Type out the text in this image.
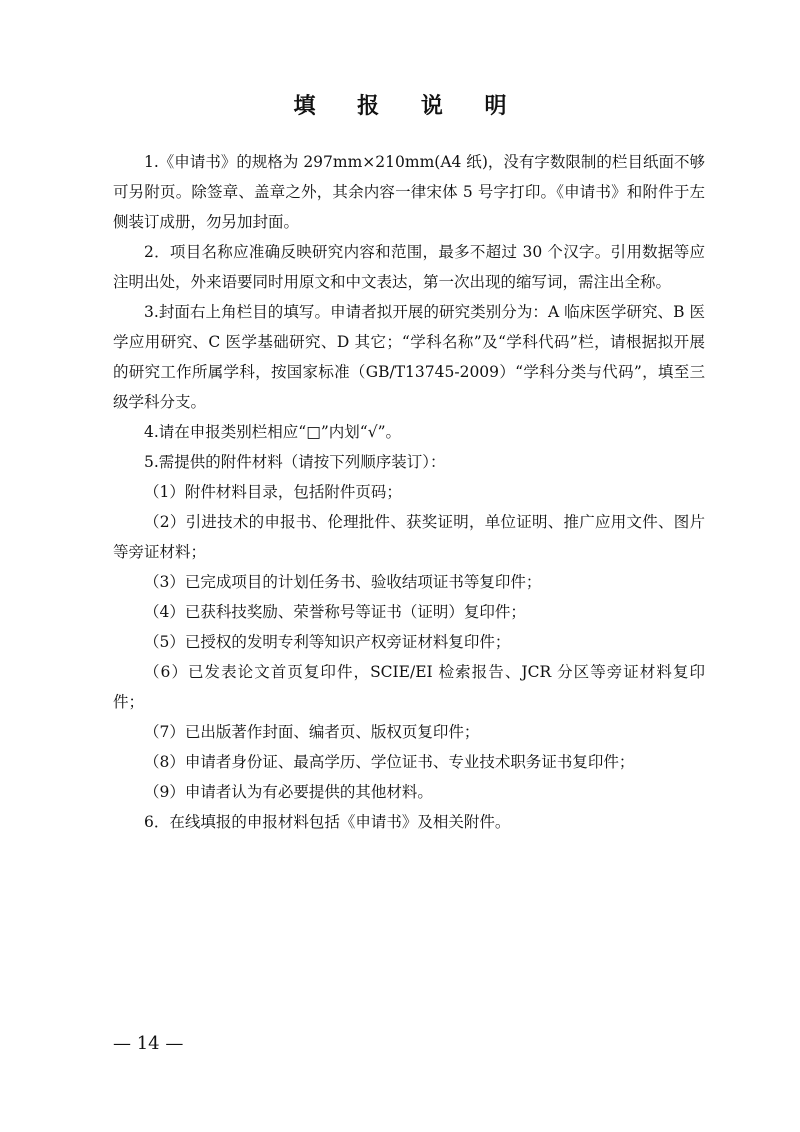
填 报 说 明

1.《申请书》的规格为 297mm×210mm(A4 纸)，没有字数限制的栏目纸面不够可另附页。除签章、盖章之外，其余内容一律宋体 5 号字打印。《申请书》和附件于左侧装订成册，勿另加封面。

2．项目名称应准确反映研究内容和范围，最多不超过 30 个汉字。引用数据等应注明出处，外来语要同时用原文和中文表达，第一次出现的缩写词，需注出全称。

3.封面右上角栏目的填写。申请者拟开展的研究类别分为：A 临床医学研究、B 医学应用研究、C 医学基础研究、D 其它；“学科名称”及“学科代码”栏，请根据拟开展的研究工作所属学科，按国家标准（GB/T13745-2009）“学科分类与代码”，填至三级学科分支。

4.请在申报类别栏相应“□”内划“√”。

5.需提供的附件材料（请按下列顺序装订）：

（1）附件材料目录，包括附件页码；

（2）引进技术的申报书、伦理批件、获奖证明，单位证明、推广应用文件、图片等旁证材料；

（3）已完成项目的计划任务书、验收结项证书等复印件；

（4）已获科技奖励、荣誉称号等证书（证明）复印件；

（5）已授权的发明专利等知识产权旁证材料复印件；

（6）已发表论文首页复印件，SCIE/EI 检索报告、JCR 分区等旁证材料复印件；

（7）已出版著作封面、编者页、版权页复印件；

（8）申请者身份证、最高学历、学位证书、专业技术职务证书复印件；

（9）申请者认为有必要提供的其他材料。

6．在线填报的申报材料包括《申请书》及相关附件。

— 14 —
